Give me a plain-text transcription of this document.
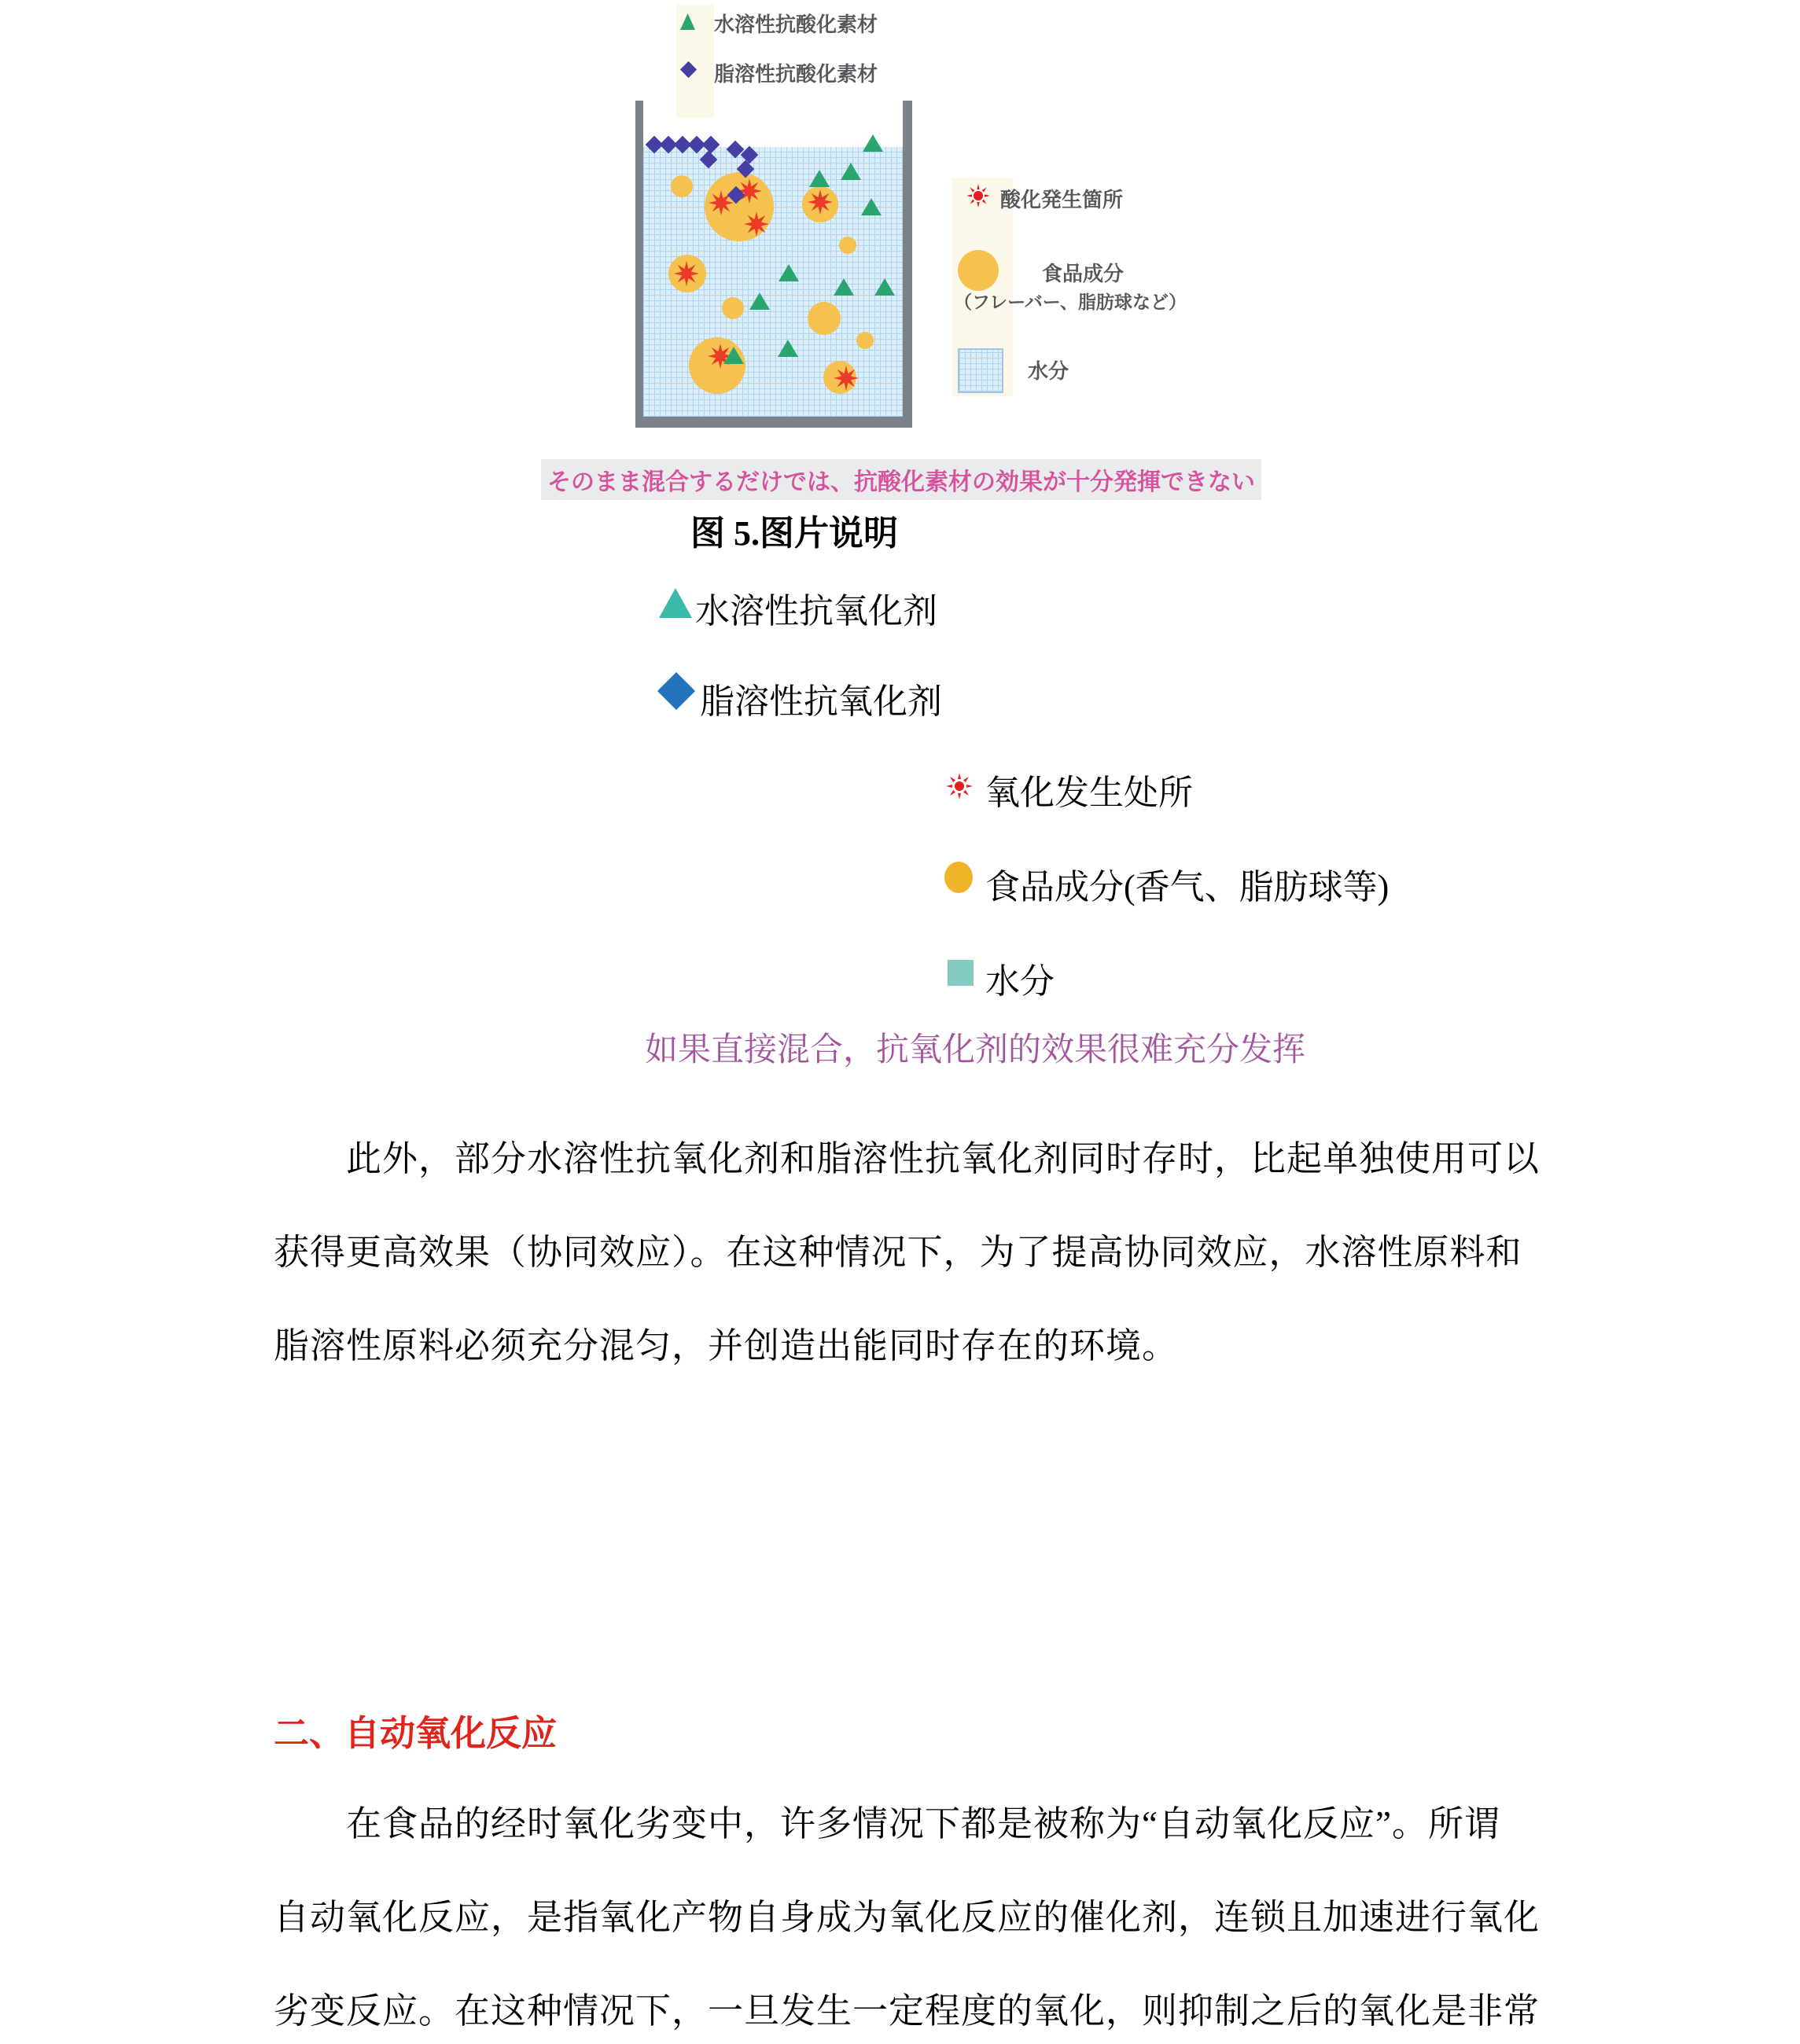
水溶性抗酸化素材
脂溶性抗酸化素材
酸化発生箇所
食品成分
（フレーバー、脂肪球など）
水分
そのまま混合するだけでは、抗酸化素材の効果が十分発揮できない
图 5.图片说明
水溶性抗氧化剂
脂溶性抗氧化剂
氧化发生处所
食品成分(香气、脂肪球等)
水分
如果直接混合，抗氧化剂的效果很难充分发挥
此外，部分水溶性抗氧化剂和脂溶性抗氧化剂同时存时，比起单独使用可以
获得更高效果（协同效应）。在这种情况下，为了提高协同效应，水溶性原料和
脂溶性原料必须充分混匀，并创造出能同时存在的环境。
二、自动氧化反应
在食品的经时氧化劣变中，许多情况下都是被称为“自动氧化反应”。所谓
自动氧化反应，是指氧化产物自身成为氧化反应的催化剂，连锁且加速进行氧化
劣变反应。在这种情况下，一旦发生一定程度的氧化，则抑制之后的氧化是非常
